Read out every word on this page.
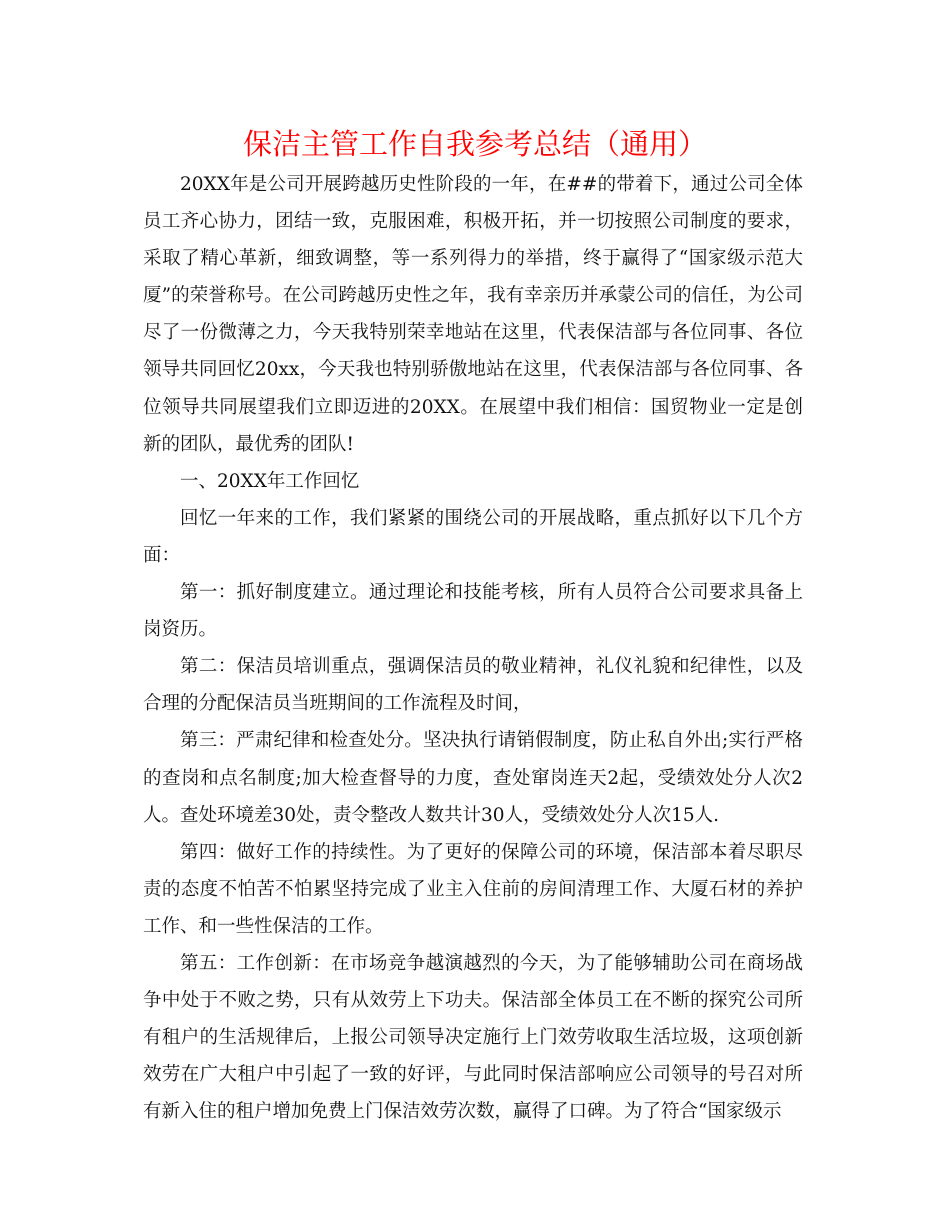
保洁主管工作自我参考总结（通用）

20XX年是公司开展跨越历史性阶段的一年，在##的带着下，通过公司全体员工齐心协力，团结一致，克服困难，积极开拓，并一切按照公司制度的要求，采取了精心革新，细致调整，等一系列得力的举措，终于赢得了“国家级示范大厦”的荣誉称号。在公司跨越历史性之年，我有幸亲历并承蒙公司的信任，为公司尽了一份微薄之力，今天我特别荣幸地站在这里，代表保洁部与各位同事、各位领导共同回忆20xx，今天我也特别骄傲地站在这里，代表保洁部与各位同事、各位领导共同展望我们立即迈进的20XX。在展望中我们相信：国贸物业一定是创新的团队，最优秀的团队!

一、20XX年工作回忆

回忆一年来的工作，我们紧紧的围绕公司的开展战略，重点抓好以下几个方面：

第一：抓好制度建立。通过理论和技能考核，所有人员符合公司要求具备上岗资历。

第二：保洁员培训重点，强调保洁员的敬业精神，礼仪礼貌和纪律性，以及合理的分配保洁员当班期间的工作流程及时间，

第三：严肃纪律和检查处分。坚决执行请销假制度，防止私自外出;实行严格的查岗和点名制度;加大检查督导的力度，查处窜岗连天2起，受绩效处分人次2人。查处环境差30处，责令整改人数共计30人，受绩效处分人次15人.

第四：做好工作的持续性。为了更好的保障公司的环境，保洁部本着尽职尽责的态度不怕苦不怕累坚持完成了业主入住前的房间清理工作、大厦石材的养护工作、和一些性保洁的工作。

第五：工作创新：在市场竞争越演越烈的今天，为了能够辅助公司在商场战争中处于不败之势，只有从效劳上下功夫。保洁部全体员工在不断的探究公司所有租户的生活规律后，上报公司领导决定施行上门效劳收取生活垃圾，这项创新效劳在广大租户中引起了一致的好评，与此同时保洁部响应公司领导的号召对所有新入住的租户增加免费上门保洁效劳次数，赢得了口碑。为了符合“国家级示
